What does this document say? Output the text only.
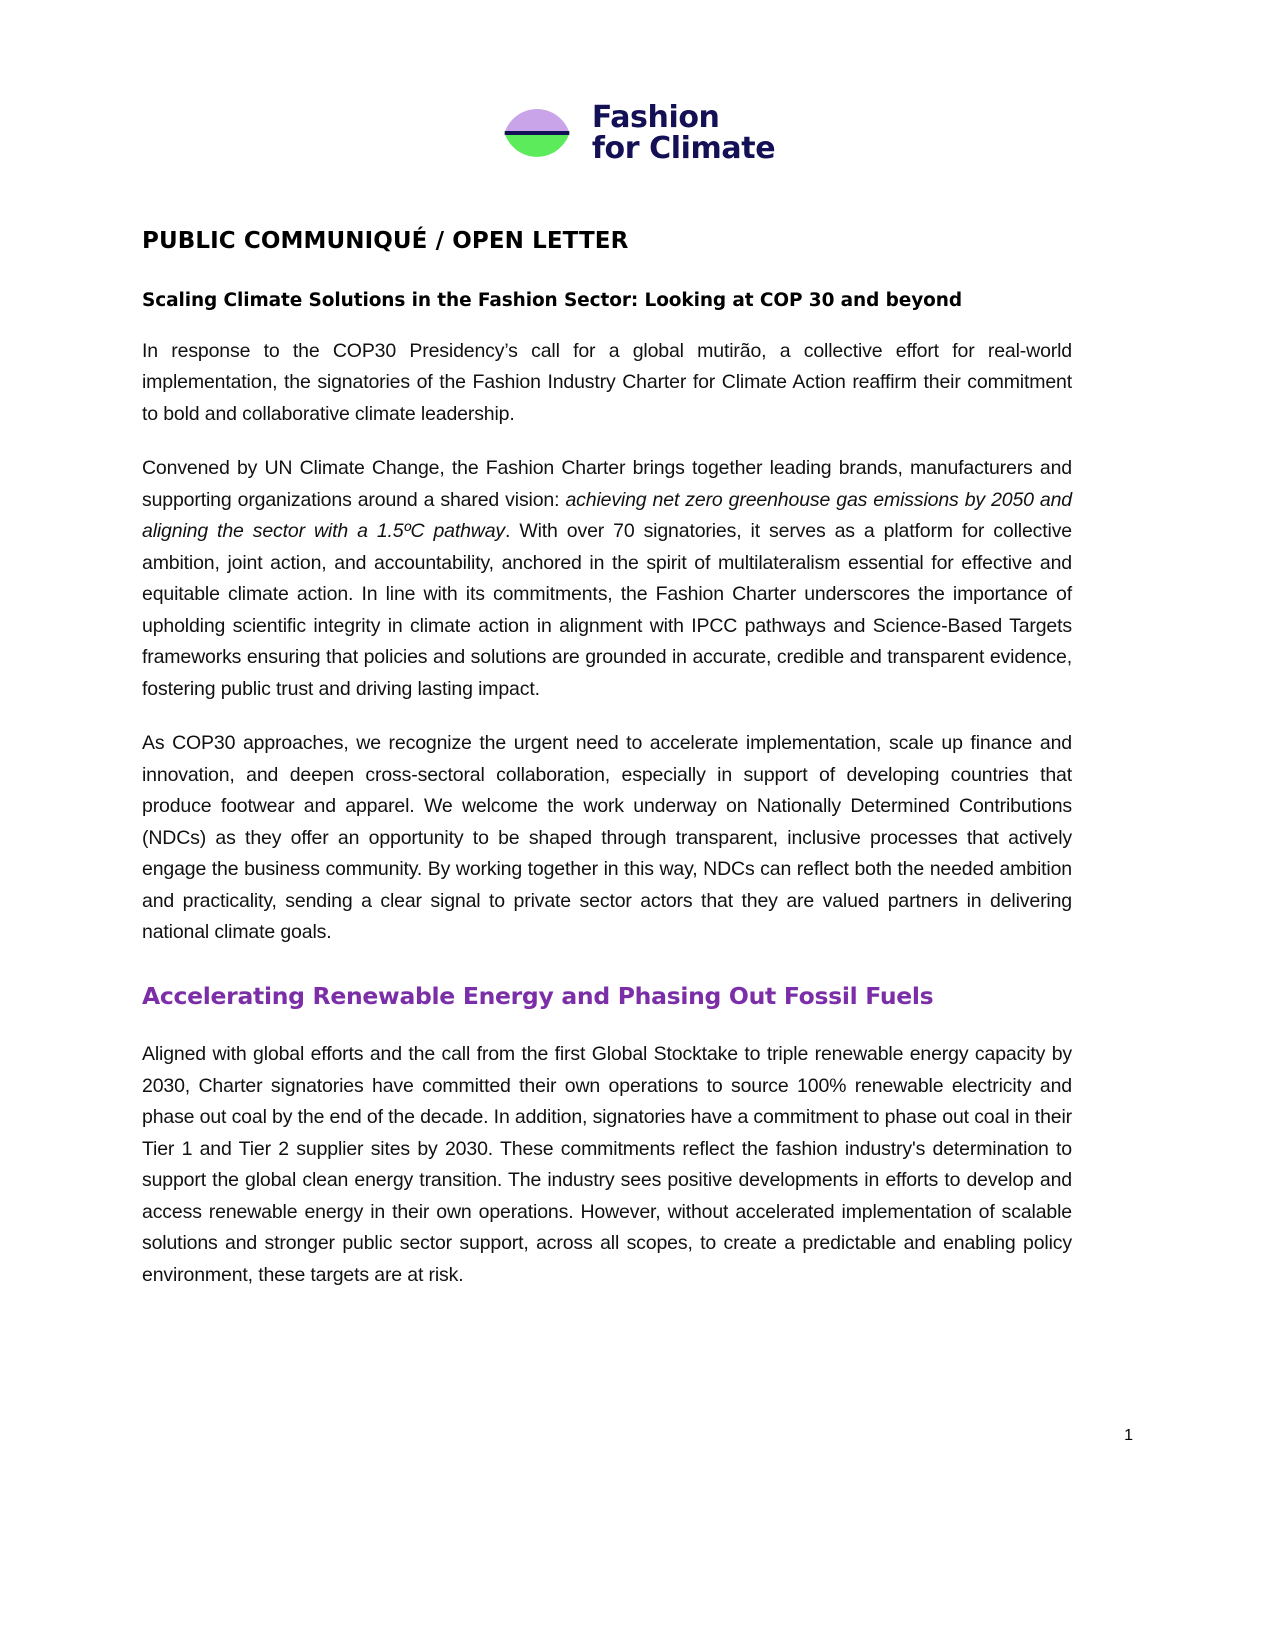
Fashion
for Climate
PUBLIC COMMUNIQUÉ / OPEN LETTER
Scaling Climate Solutions in the Fashion Sector: Looking at COP 30 and beyond

In response to the COP30 Presidency’s call for a global mutirão, a collective effort for real-world implementation, the signatories of the Fashion Industry Charter for Climate Action reaffirm their commitment to bold and collaborative climate leadership.

Convened by UN Climate Change, the Fashion Charter brings together leading brands, manufacturers and supporting organizations around a shared vision: achieving net zero greenhouse gas emissions by 2050 and aligning the sector with a 1.5ºC pathway. With over 70 signatories, it serves as a platform for collective ambition, joint action, and accountability, anchored in the spirit of multilateralism essential for effective and equitable climate action. In line with its commitments, the Fashion Charter underscores the importance of upholding scientific integrity in climate action in alignment with IPCC pathways and Science-Based Targets frameworks ensuring that policies and solutions are grounded in accurate, credible and transparent evidence, fostering public trust and driving lasting impact.

As COP30 approaches, we recognize the urgent need to accelerate implementation, scale up finance and innovation, and deepen cross-sectoral collaboration, especially in support of developing countries that produce footwear and apparel. We welcome the work underway on Nationally Determined Contributions (NDCs) as they offer an opportunity to be shaped through transparent, inclusive processes that actively engage the business community. By working together in this way, NDCs can reflect both the needed ambition and practicality, sending a clear signal to private sector actors that they are valued partners in delivering national climate goals.

Accelerating Renewable Energy and Phasing Out Fossil Fuels

Aligned with global efforts and the call from the first Global Stocktake to triple renewable energy capacity by 2030, Charter signatories have committed their own operations to source 100% renewable electricity and phase out coal by the end of the decade. In addition, signatories have a commitment to phase out coal in their Tier 1 and Tier 2 supplier sites by 2030. These commitments reflect the fashion industry's determination to support the global clean energy transition. The industry sees positive developments in efforts to develop and access renewable energy in their own operations. However, without accelerated implementation of scalable solutions and stronger public sector support, across all scopes, to create a predictable and enabling policy environment, these targets are at risk.

1
